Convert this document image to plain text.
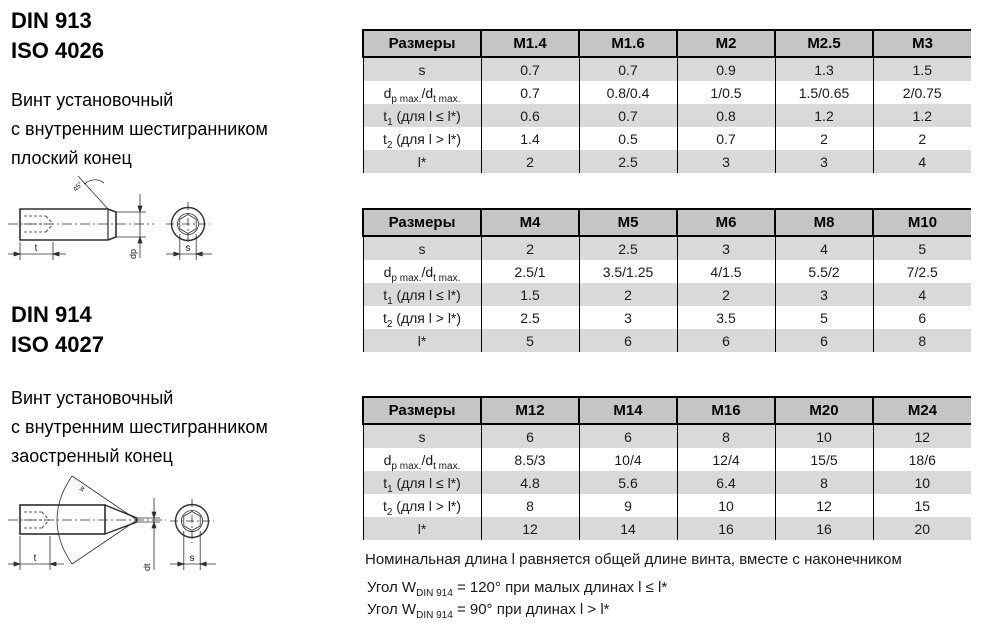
DIN 913
ISO 4026
Винт установочный
с внутренним шестигранником
плоский конец
45°
t	dp	s
DIN 914
ISO 4027
Винт установочный
с внутренним шестигранником
заостренный конец
w
t
dt
s
Размеры	M1.4	M1.6	M2	M2.5	M3
s	0.7	0.7	0.9	1.3	1.5
$d_{p max.}/d_{t max.}$	0.7	0.8/0.4	1/0.5	1.5/0.65	2/0.75
$t_1$ (для l ≤ l*)	0.6	0.7	0.8	1.2	1.2
$t_2$ (для l > l*)	1.4	0.5	0.7	2	2
l*	2	2.5	3	3	4
Размеры	M4	M5	M6	M8	M10
s	2	2.5	3	4	5
$d_{p max.}/d_{t max.}$	2.5/1	3.5/1.25	4/1.5	5.5/2	7/2.5
$t_1$ (для l ≤ l*)	1.5	2	2	3	4
$t_2$ (для l > l*)	2.5	3	3.5	5	6
l*	5	6	6	6	8
Размеры	M12	M14	M16	M20	M24
s	6	6	8	10	12
$d_{p max.}/d_{t max.}$	8.5/3	10/4	12/4	15/5	18/6
$t_1$ (для l ≤ l*)	4.8	5.6	6.4	8	10
$t_2$ (для l > l*)	8	9	10	12	15
l*	12	14	16	16	20
Номинальная длина l равняется общей длине винта, вместе с наконечником
Угол $W_{DIN 914} = 120^\circ$ при малых длинах l ≤ l*
Угол $W_{DIN 914} = 90^\circ$ при длинах l > l*
